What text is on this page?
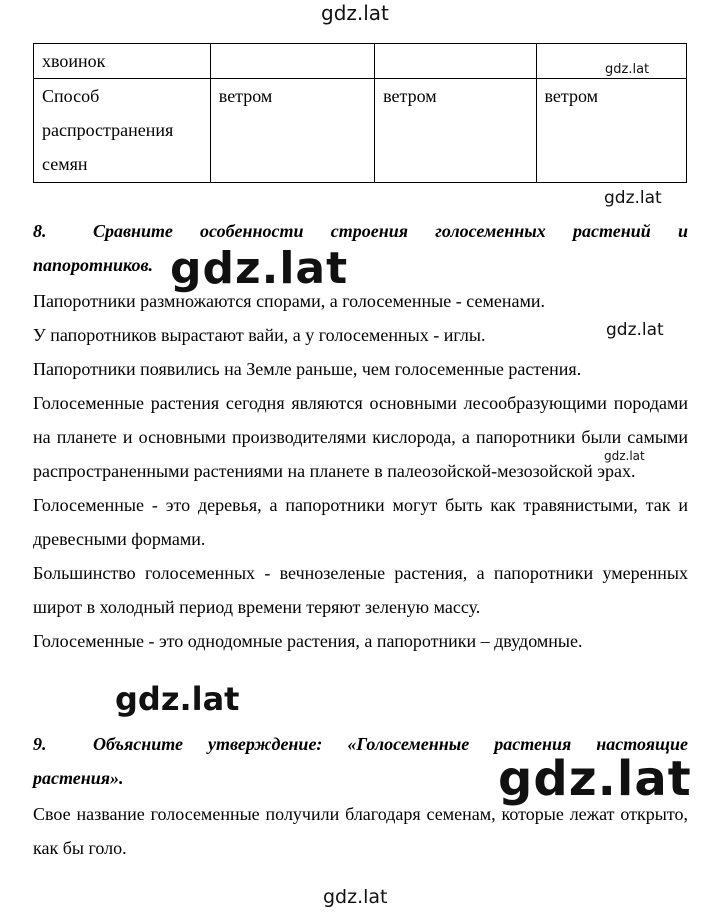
хвоинок			
Способ распространения семян	ветром	ветром	ветром

8.	Сравните особенности строения голосеменных растений и папоротников.

Папоротники размножаются спорами, а голосеменные - семенами.

У папоротников вырастают вайи, а у голосеменных - иглы.

Папоротники появились на Земле раньше, чем голосеменные растения.

Голосеменные растения сегодня являются основными лесообразующими породами на планете и основными производителями кислорода, а папоротники были самыми распространенными растениями на планете в палеозойской-мезозойской эрах.

Голосеменные - это деревья, а папоротники могут быть как травянистыми, так и древесными формами.

Большинство голосеменных - вечнозеленые растения, а папоротники умеренных широт в холодный период времени теряют зеленую массу.

Голосеменные - это однодомные растения, а папоротники – двудомные.

9.	Объясните утверждение: «Голосеменные растения настоящие растения».

Свое название голосеменные получили благодаря семенам, которые лежат открыто, как бы голо.

gdz.lat
gdz.lat
gdz.lat
gdz.lat
gdz.lat
gdz.lat
gdz.lat
gdz.lat
gdz.lat
